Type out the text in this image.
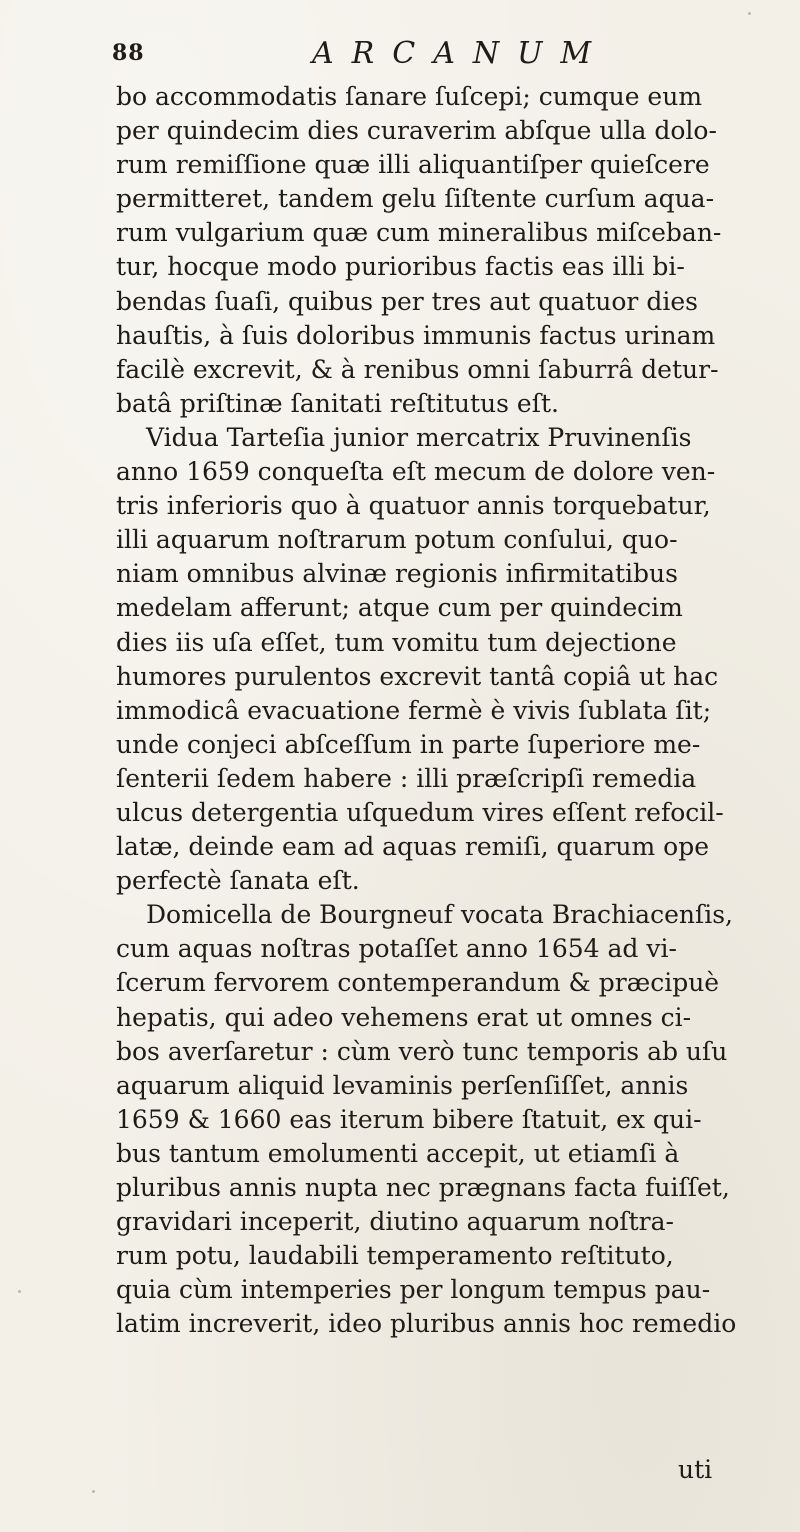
88	ARCANUM
bo accommodatis ſanare ſuſcepi; cumque eum
per quindecim dies curaverim abſque ulla dolo-
rum remiſſione quæ illi aliquantiſper quieſcere
permitteret, tandem gelu ſiſtente curſum aqua-
rum vulgarium quæ cum mineralibus miſceban-
tur, hocque modo purioribus factis eas illi bi-
bendas ſuaſi, quibus per tres aut quatuor dies
hauſtis, à ſuis doloribus immunis factus urinam
facilè excrevit, & à renibus omni ſaburrâ detur-
batâ priſtinæ ſanitati reſtitutus eſt.
Vidua Tarteſia junior mercatrix Pruvinenſis
anno 1659 conqueſta eſt mecum de dolore ven-
tris inferioris quo à quatuor annis torquebatur,
illi aquarum noſtrarum potum conſului, quo-
niam omnibus alvinæ regionis infirmitatibus
medelam afferunt; atque cum per quindecim
dies iis uſa eſſet, tum vomitu tum dejectione
humores purulentos excrevit tantâ copiâ ut hac
immodicâ evacuatione fermè è vivis ſublata ſit;
unde conjeci abſceſſum in parte ſuperiore me-
ſenterii ſedem habere : illi præſcripſi remedia
ulcus detergentia uſquedum vires eſſent refocil-
latæ, deinde eam ad aquas remiſi, quarum ope
perfectè ſanata eſt.
Domicella de Bourgneuf vocata Brachiacenſis,
cum aquas noſtras potaſſet anno 1654 ad vi-
ſcerum fervorem contemperandum & præcipuè
hepatis, qui adeo vehemens erat ut omnes ci-
bos averſaretur : cùm verò tunc temporis ab uſu
aquarum aliquid levaminis perſenſiſſet, annis
1659 & 1660 eas iterum bibere ſtatuit, ex qui-
bus tantum emolumenti accepit, ut etiamſi à
pluribus annis nupta nec prægnans facta fuiſſet,
gravidari inceperit, diutino aquarum noſtra-
rum potu, laudabili temperamento reſtituto,
quia cùm intemperies per longum tempus pau-
latim increverit, ideo pluribus annis hoc remedio
uti
